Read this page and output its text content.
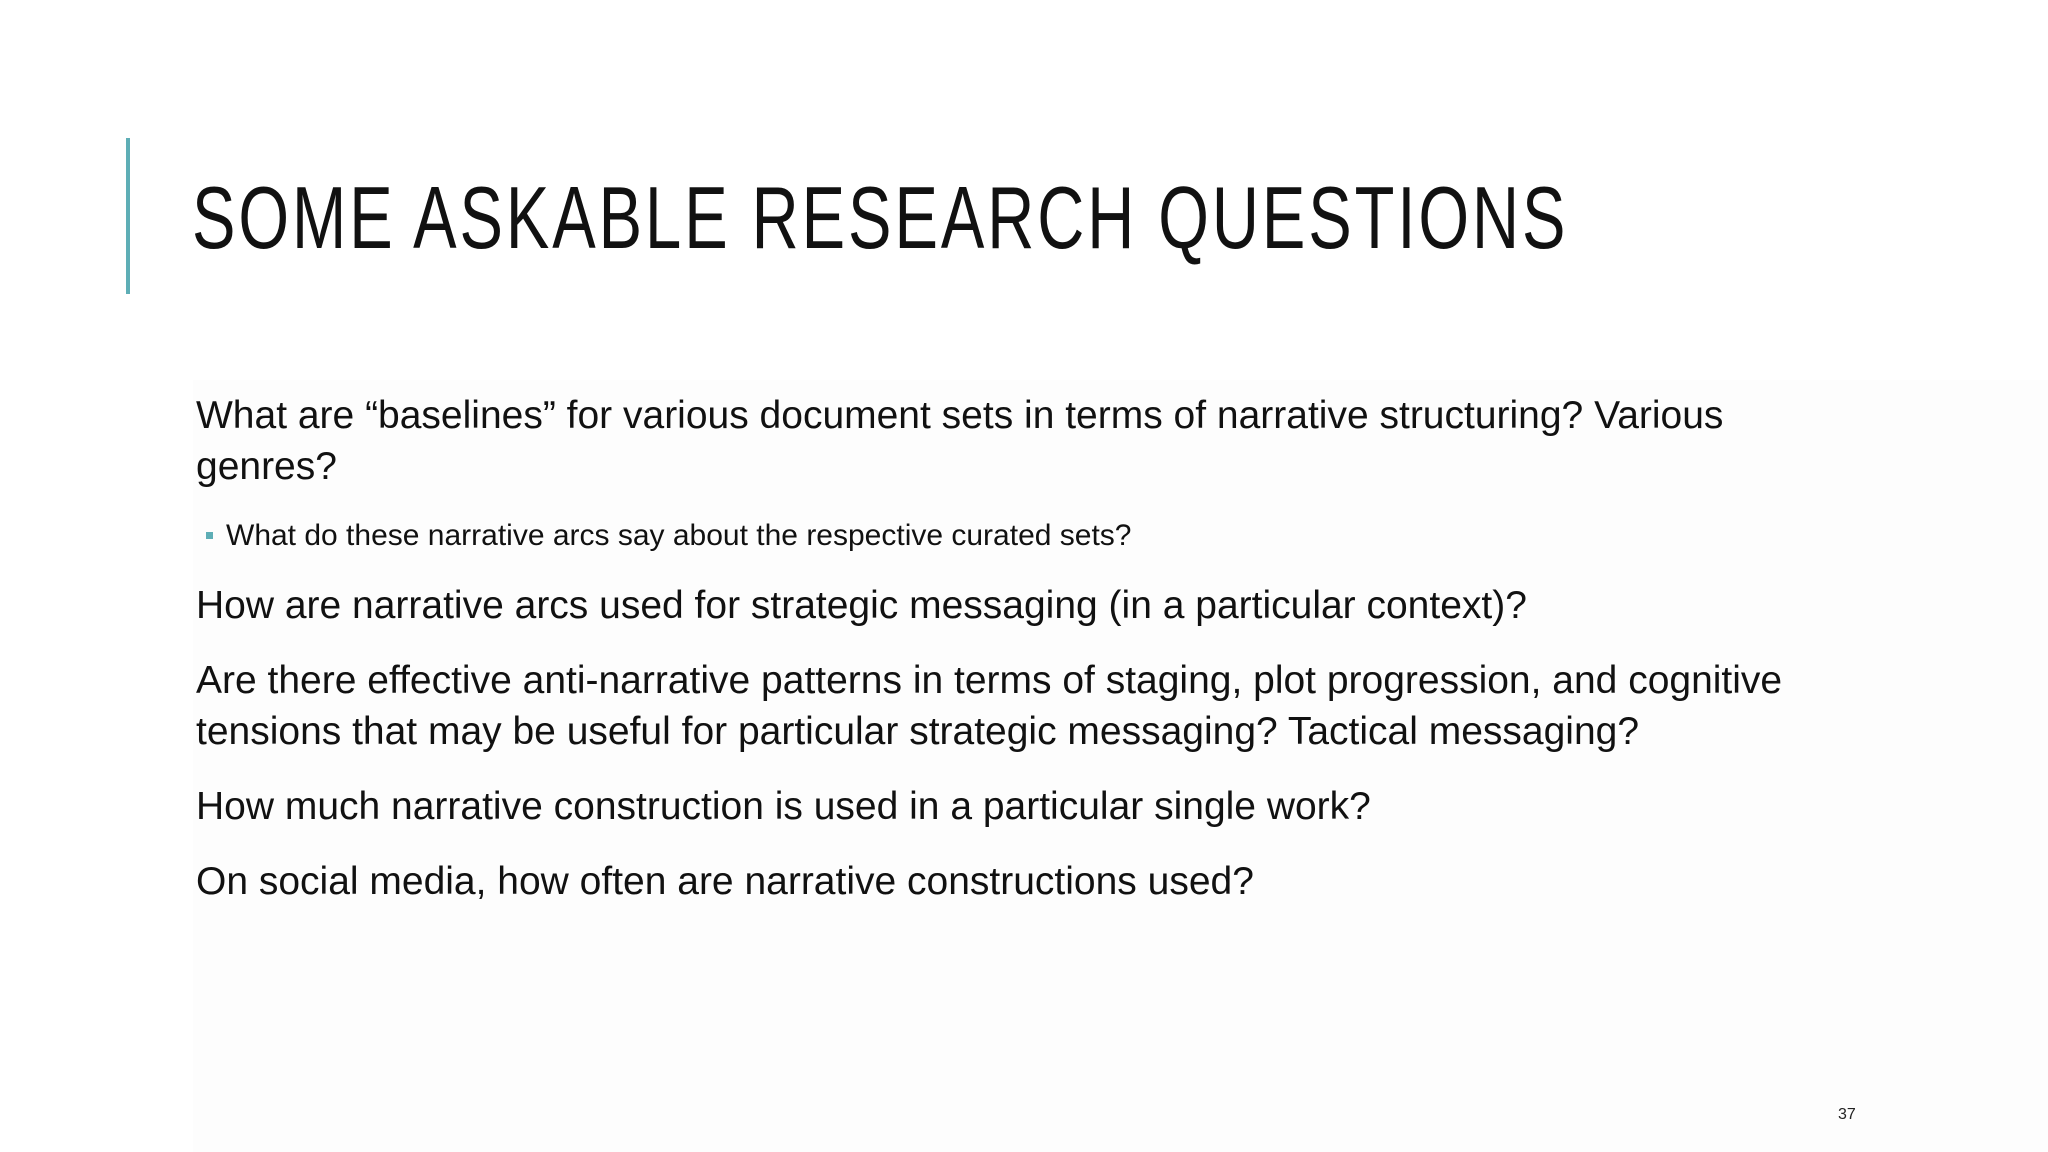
SOME ASKABLE RESEARCH QUESTIONS

What are “baselines” for various document sets in terms of narrative structuring? Various genres?

What do these narrative arcs say about the respective curated sets?

How are narrative arcs used for strategic messaging (in a particular context)?

Are there effective anti-narrative patterns in terms of staging, plot progression, and cognitive tensions that may be useful for particular strategic messaging? Tactical messaging?

How much narrative construction is used in a particular single work?

On social media, how often are narrative constructions used?

37
